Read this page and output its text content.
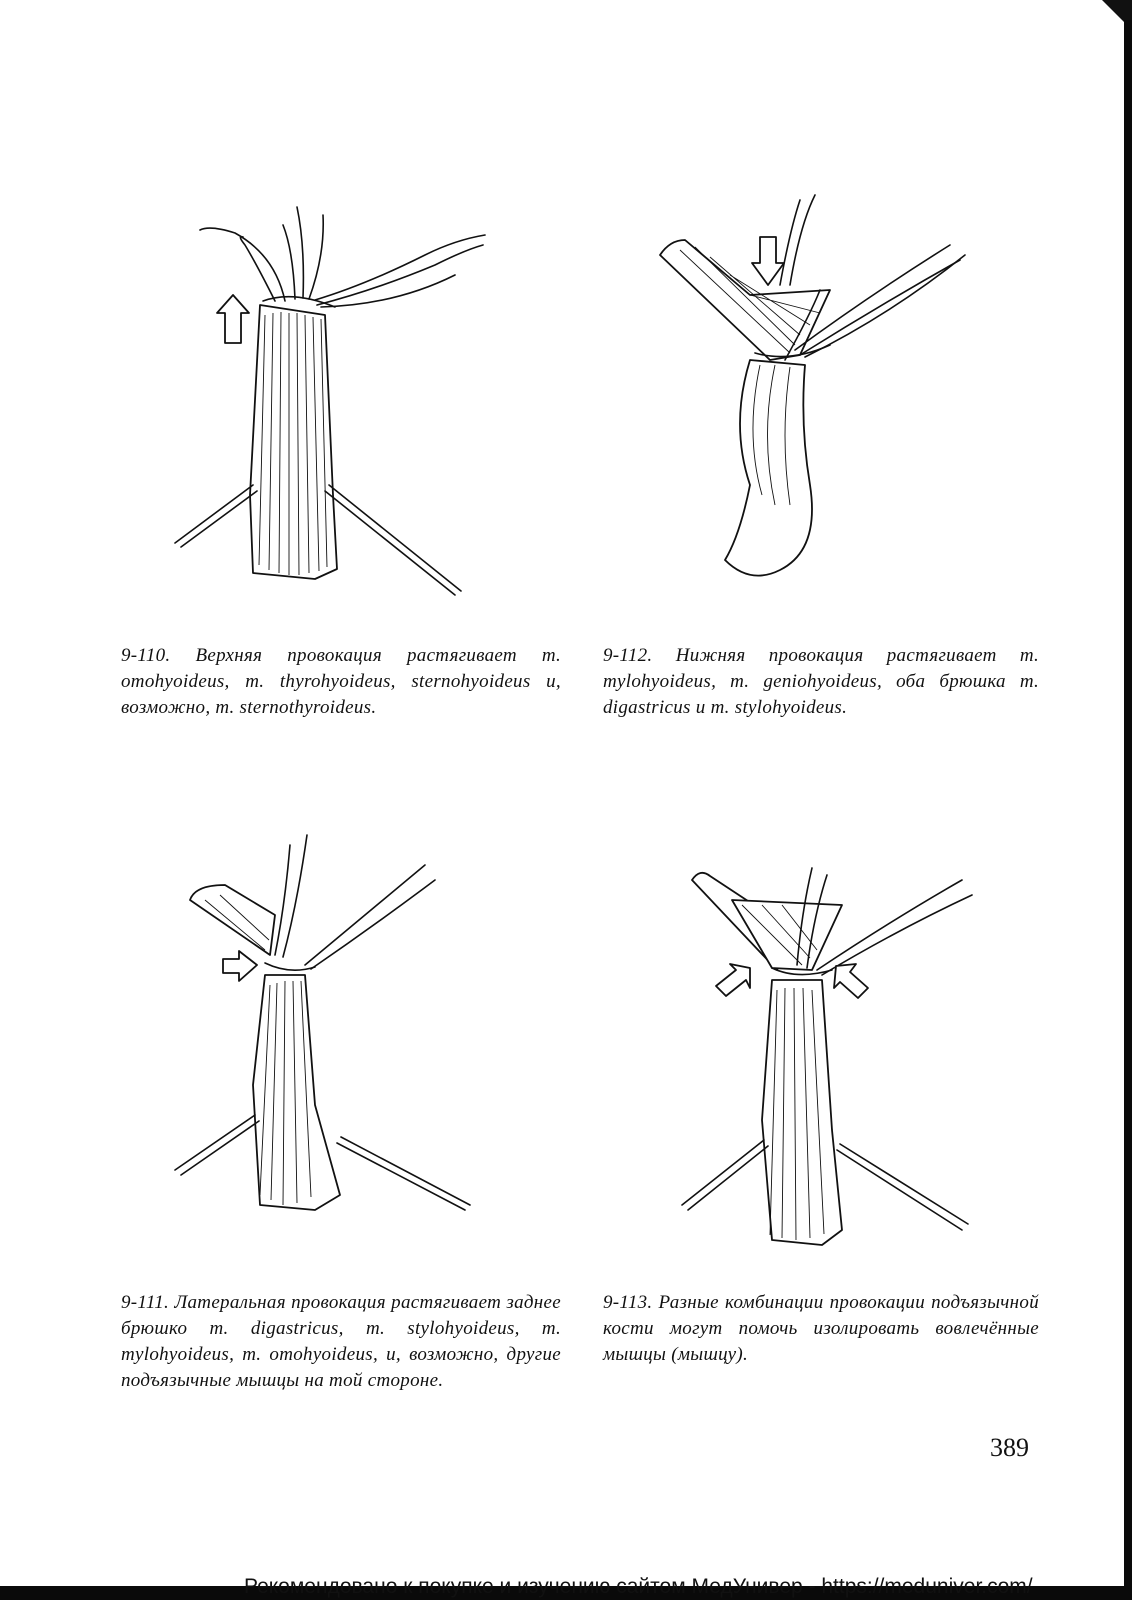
9-110. Верхняя провокация растягивает m. omohyoideus, m. thyrohyoideus, sternohyoideus и, возможно, m. sternothyroideus.

9-112. Нижняя провокация растягивает m. mylohyoideus, m. geniohyoideus, оба брюшка m. digastricus и m. stylohyoideus.

9-111. Латеральная провокация растягивает заднее брюшко m. digastricus, m. stylohyoideus, m. mylohyoideus, m. omohyoideus, и, возможно, другие подъязычные мышцы на той стороне.

9-113. Разные комбинации провокации подъязычной кости могут помочь изолировать вовлечённые мышцы (мышцу).

389
Рекомендовано к покупке и изучению сайтом МедУнивер - https://meduniver.com/
